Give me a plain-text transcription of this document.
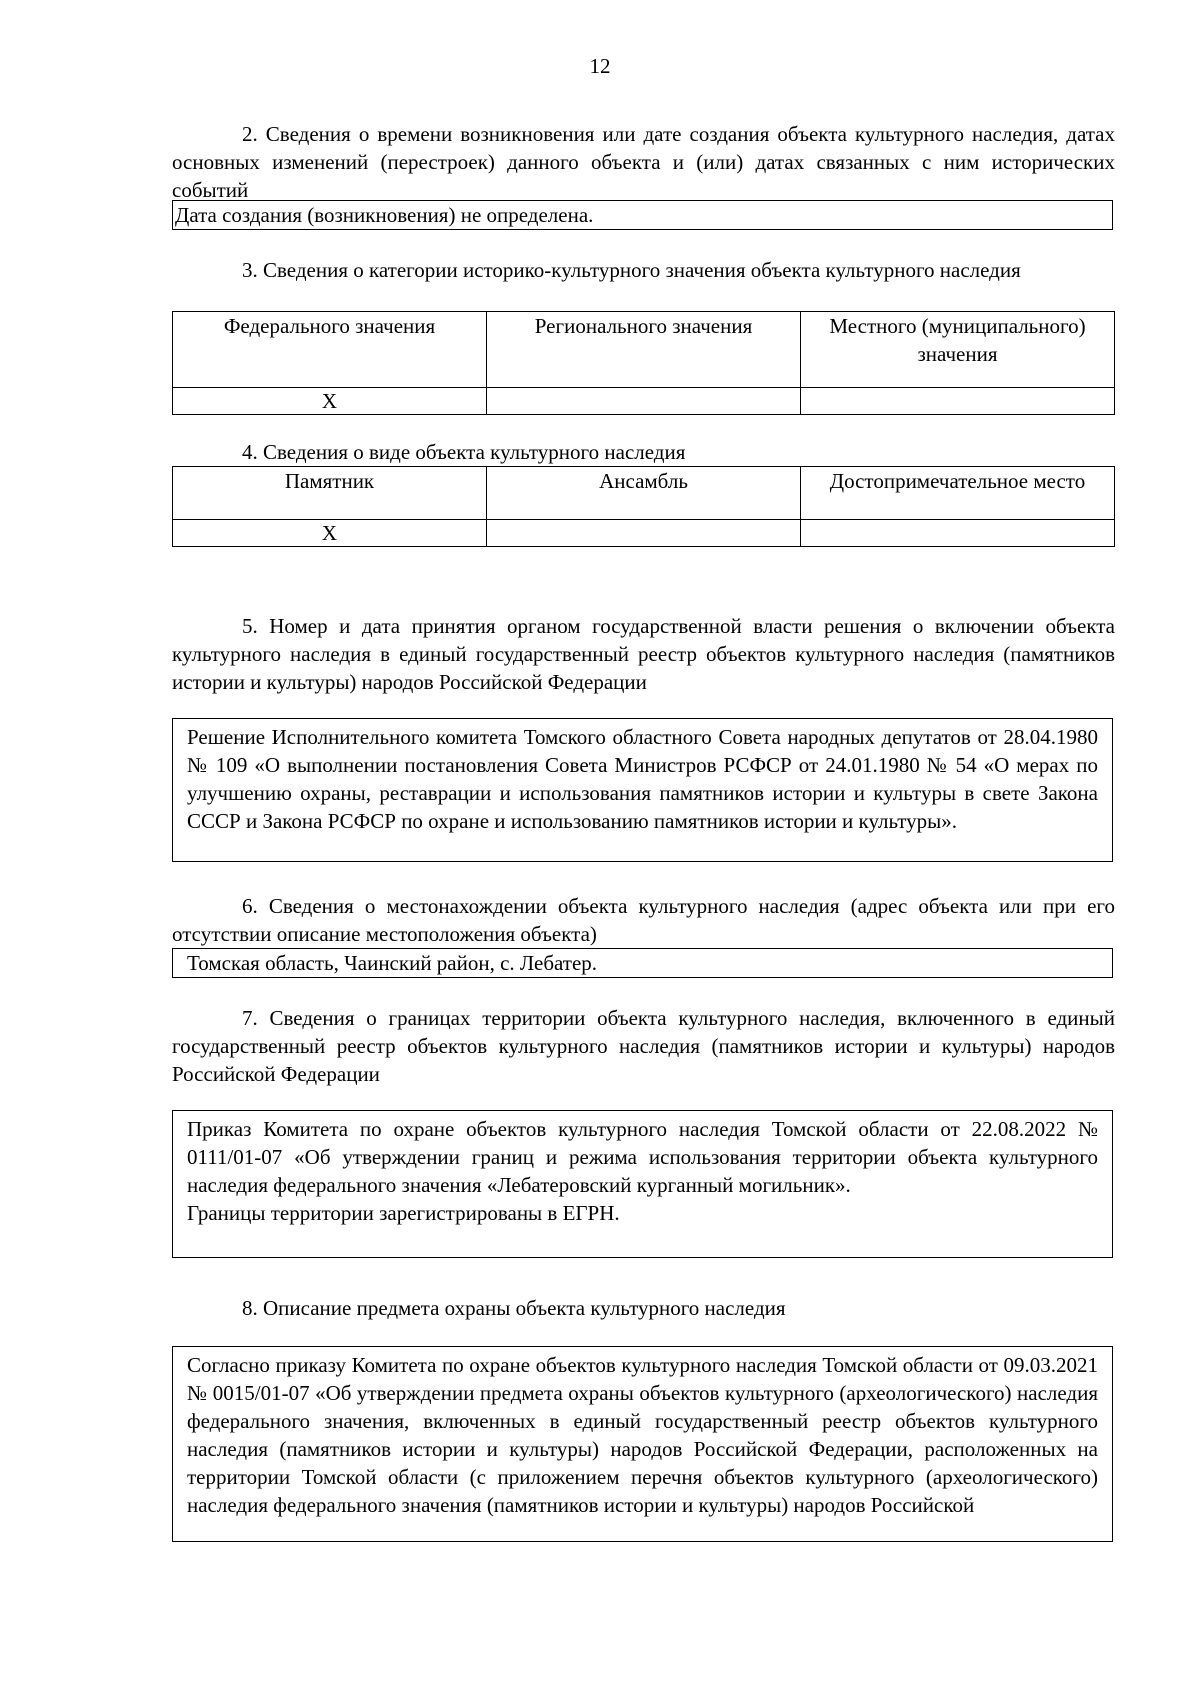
12
2. Сведения о времени возникновения или дате создания объекта культурного наследия, датах основных изменений (перестроек) данного объекта и (или) датах связанных с ним исторических событий
Дата создания (возникновения) не определена.
3. Сведения о категории историко-культурного значения объекта культурного наследия
Федерального значения	Регионального значения	Местного (муниципального) значения
Х		
4. Сведения о виде объекта культурного наследия
Памятник	Ансамбль	Достопримечательное место
Х		
5. Номер и дата принятия органом государственной власти решения о включении объекта культурного наследия в единый государственный реестр объектов культурного наследия (памятников истории и культуры) народов Российской Федерации
Решение Исполнительного комитета Томского областного Совета народных депутатов от 28.04.1980 № 109 «О выполнении постановления Совета Министров РСФСР от 24.01.1980 № 54 «О мерах по улучшению охраны, реставрации и использования памятников истории и культуры в свете Закона СССР и Закона РСФСР по охране и использованию памятников истории и культуры».
6. Сведения о местонахождении объекта культурного наследия (адрес объекта или при его отсутствии описание местоположения объекта)
Томская область, Чаинский район, с. Лебатер.
7. Сведения о границах территории объекта культурного наследия, включенного в единый государственный реестр объектов культурного наследия (памятников истории и культуры) народов Российской Федерации
Приказ Комитета по охране объектов культурного наследия Томской области от 22.08.2022 № 0111/01-07 «Об утверждении границ и режима использования территории объекта культурного наследия федерального значения «Лебатеровский курганный могильник».
Границы территории зарегистрированы в ЕГРН.
8. Описание предмета охраны объекта культурного наследия
Согласно приказу Комитета по охране объектов культурного наследия Томской области от 09.03.2021 № 0015/01-07 «Об утверждении предмета охраны объектов культурного (археологического) наследия федерального значения, включенных в единый государственный реестр объектов культурного наследия (памятников истории и культуры) народов Российской Федерации, расположенных на территории Томской области (с приложением перечня объектов культурного (археологического) наследия федерального значения (памятников истории и культуры) народов Российской
